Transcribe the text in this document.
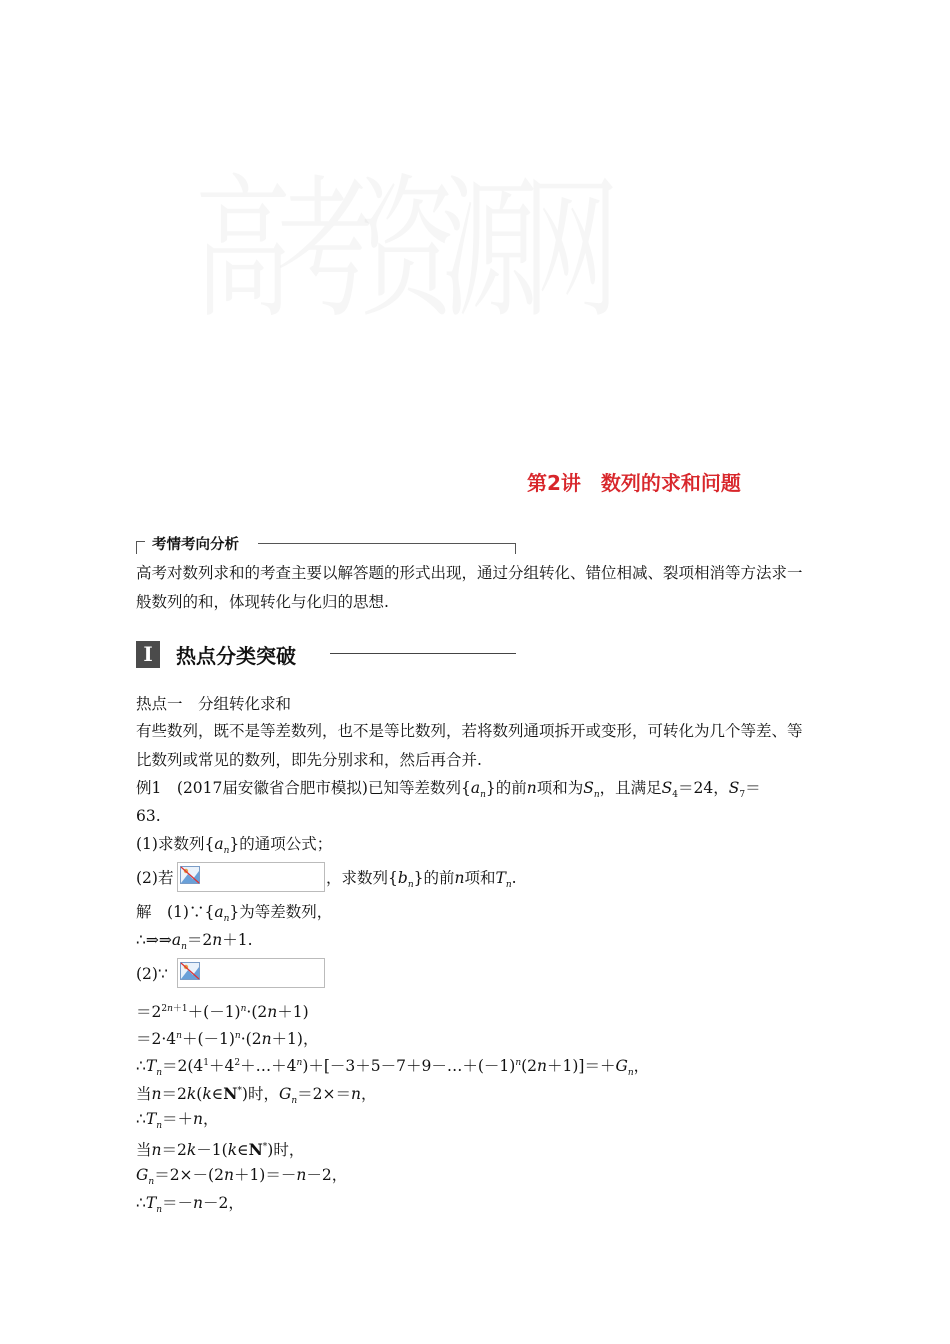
第2讲　数列的求和问题
考情考向分析
高考对数列求和的考查主要以解答题的形式出现，通过分组转化、错位相减、裂项相消等方法求一般数列的和，体现转化与化归的思想.
I	热点分类突破
热点一　分组转化求和
有些数列，既不是等差数列，也不是等比数列，若将数列通项拆开或变形，可转化为几个等差、等比数列或常见的数列，即先分别求和，然后再合并.
例1　 (2017届安徽省合肥市模拟)已知等差数列$\{a_n\}$的前n项和为$S_n$，且满足$S_4=24$，$S_7=$
63.
(1)求数列$\{a_n\}$的通项公式；
(2)若	，求数列$\{b_n\}$的前n项和$T_n$.
解　$(1)\because\{a_n\}$为等差数列，
$\therefore\Rightarrow\Rightarrow a_n=2n+1$.
(2)∵
$=2^{2n+1}+(-1)^n\cdot(2n+1)$
$=2\cdot 4^n+(-1)^n\cdot(2n+1)$，
$\therefore T_n=2(4^1+4^2+\dots+4^n)+[-3+5-7+9-\dots+(-1)^n(2n+1)]=+G_n$，
当n＝2k(k∈N*)时，$G_n=2\times=n$，
$\therefore T_n=+n$，
当n＝2k－1(k∈N*)时，
$G_n=2\times-(2n+1)=-n-2$，
$\therefore T_n=-n-2$，
